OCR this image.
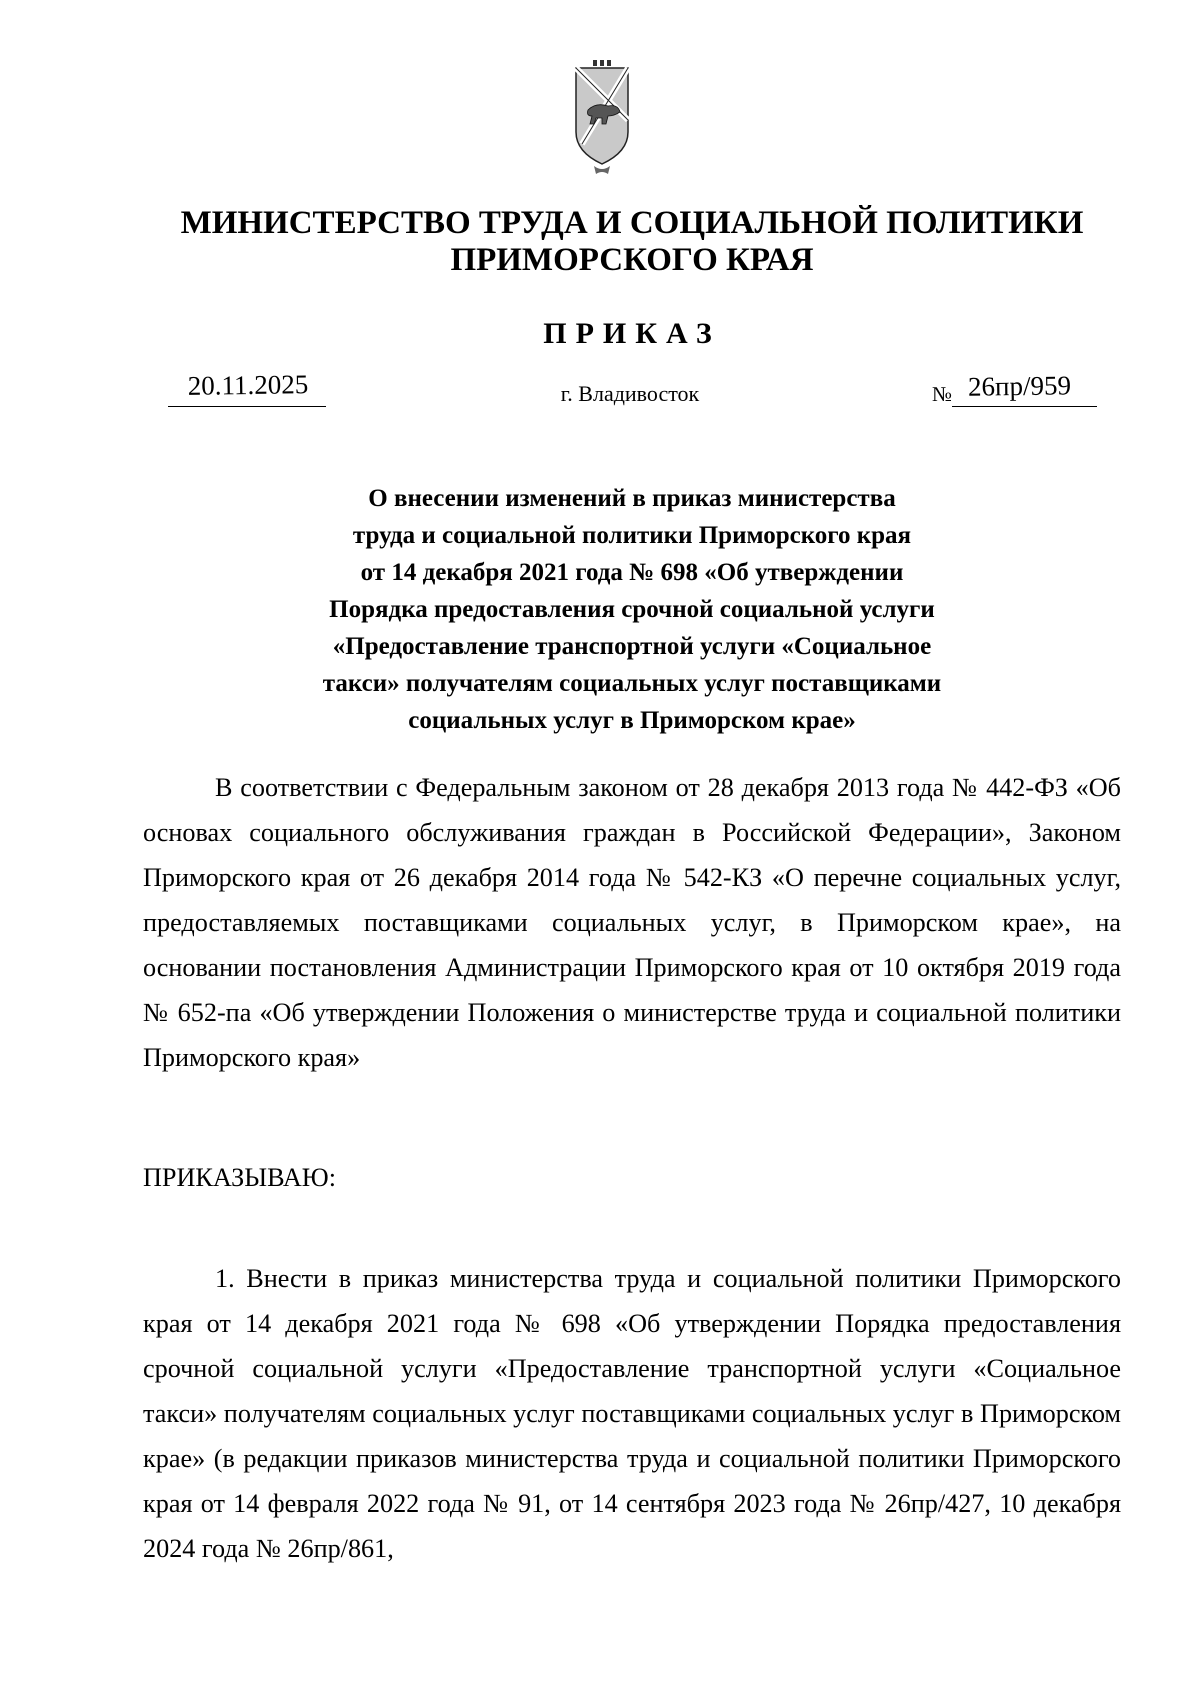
МИНИСТЕРСТВО ТРУДА И СОЦИАЛЬНОЙ ПОЛИТИКИ
ПРИМОРСКОГО КРАЯ
ПРИКАЗ
20.11.2025	г. Владивосток	№ 26пр/959
О внесении изменений в приказ министерства
труда и социальной политики Приморского края
от 14 декабря 2021 года № 698 «Об утверждении
Порядка предоставления срочной социальной услуги
«Предоставление транспортной услуги «Социальное
такси» получателям социальных услуг поставщиками
социальных услуг в Приморском крае»

В соответствии с Федеральным законом от 28 декабря 2013 года № 442-ФЗ «Об основах социального обслуживания граждан в Российской Федерации», Законом Приморского края от 26 декабря 2014 года № 542-КЗ «О перечне социальных услуг, предоставляемых поставщиками социальных услуг, в Приморском крае», на основании постановления Администрации Приморского края от 10 октября 2019 года № 652-па «Об утверждении Положения о министерстве труда и социальной политики Приморского края»

ПРИКАЗЫВАЮ:

1. Внести в приказ министерства труда и социальной политики Приморского края от 14 декабря 2021 года № 698 «Об утверждении Порядка предоставления срочной социальной услуги «Предоставление транспортной услуги «Социальное такси» получателям социальных услуг поставщиками социальных услуг в Приморском крае» (в редакции приказов министерства труда и социальной политики Приморского края от 14 февраля 2022 года № 91, от 14 сентября 2023 года № 26пр/427, 10 декабря 2024 года № 26пр/861,
